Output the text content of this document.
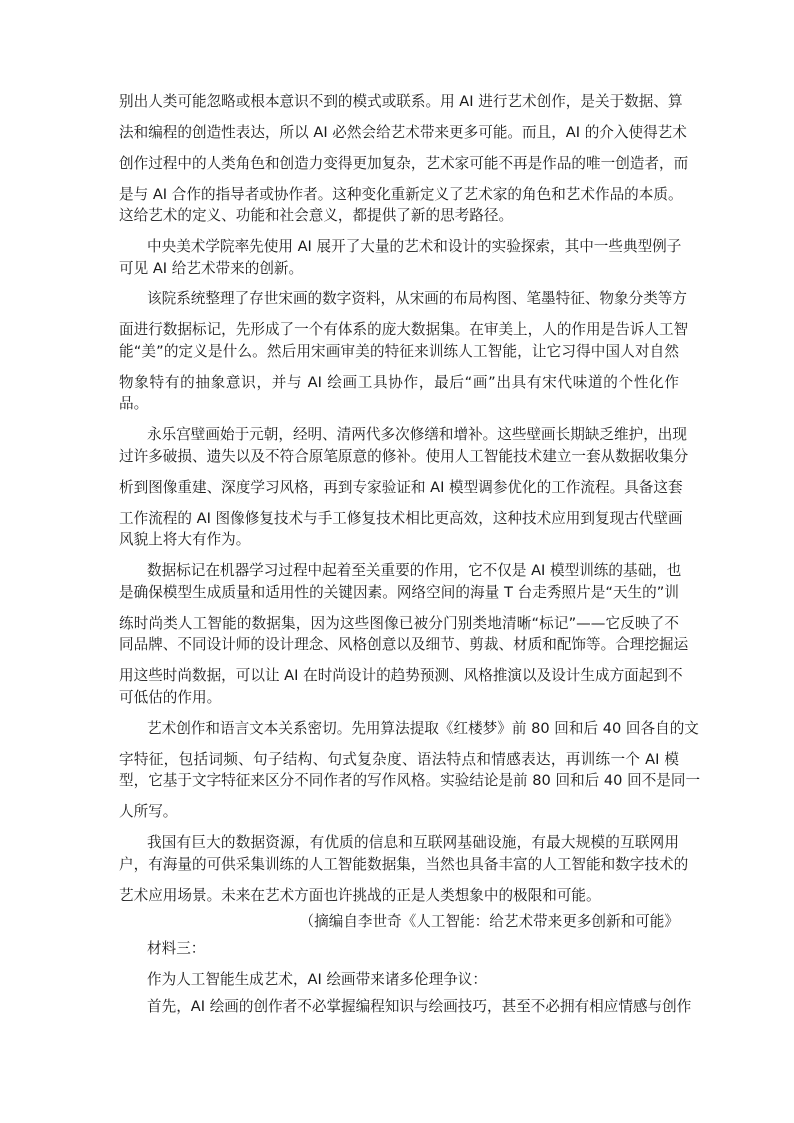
别出人类可能忽略或根本意识不到的模式或联系。用 AI 进行艺术创作，是关于数据、算
法和编程的创造性表达，所以 AI 必然会给艺术带来更多可能。而且，AI 的介入使得艺术
创作过程中的人类角色和创造力变得更加复杂，艺术家可能不再是作品的唯一创造者，而
是与 AI 合作的指导者或协作者。这种变化重新定义了艺术家的角色和艺术作品的本质。
这给艺术的定义、功能和社会意义，都提供了新的思考路径。
中央美术学院率先使用 AI 展开了大量的艺术和设计的实验探索，其中一些典型例子
可见 AI 给艺术带来的创新。
该院系统整理了存世宋画的数字资料，从宋画的布局构图、笔墨特征、物象分类等方
面进行数据标记，先形成了一个有体系的庞大数据集。在审美上，人的作用是告诉人工智
能“美”的定义是什么。然后用宋画审美的特征来训练人工智能，让它习得中国人对自然
物象特有的抽象意识，并与 AI 绘画工具协作，最后“画”出具有宋代味道的个性化作
品。
永乐宫壁画始于元朝，经明、清两代多次修缮和增补。这些壁画长期缺乏维护，出现
过许多破损、遗失以及不符合原笔原意的修补。使用人工智能技术建立一套从数据收集分
析到图像重建、深度学习风格，再到专家验证和 AI 模型调参优化的工作流程。具备这套
工作流程的 AI 图像修复技术与手工修复技术相比更高效，这种技术应用到复现古代壁画
风貌上将大有作为。
数据标记在机器学习过程中起着至关重要的作用，它不仅是 AI 模型训练的基础，也
是确保模型生成质量和适用性的关键因素。网络空间的海量 T 台走秀照片是“天生的”训
练时尚类人工智能的数据集，因为这些图像已被分门别类地清晰“标记”——它反映了不
同品牌、不同设计师的设计理念、风格创意以及细节、剪裁、材质和配饰等。合理挖掘运
用这些时尚数据，可以让 AI 在时尚设计的趋势预测、风格推演以及设计生成方面起到不
可低估的作用。
艺术创作和语言文本关系密切。先用算法提取《红楼梦》前 80 回和后 40 回各自的文
字特征，包括词频、句子结构、句式复杂度、语法特点和情感表达，再训练一个 AI 模
型，它基于文字特征来区分不同作者的写作风格。实验结论是前 80 回和后 40 回不是同一
人所写。
我国有巨大的数据资源，有优质的信息和互联网基础设施，有最大规模的互联网用
户，有海量的可供采集训练的人工智能数据集，当然也具备丰富的人工智能和数字技术的
艺术应用场景。未来在艺术方面也许挑战的正是人类想象中的极限和可能。
（摘编自李世奇《人工智能：给艺术带来更多创新和可能》
材料三：
作为人工智能生成艺术，AI 绘画带来诸多伦理争议：
首先，AI 绘画的创作者不必掌握编程知识与绘画技巧，甚至不必拥有相应情感与创作
